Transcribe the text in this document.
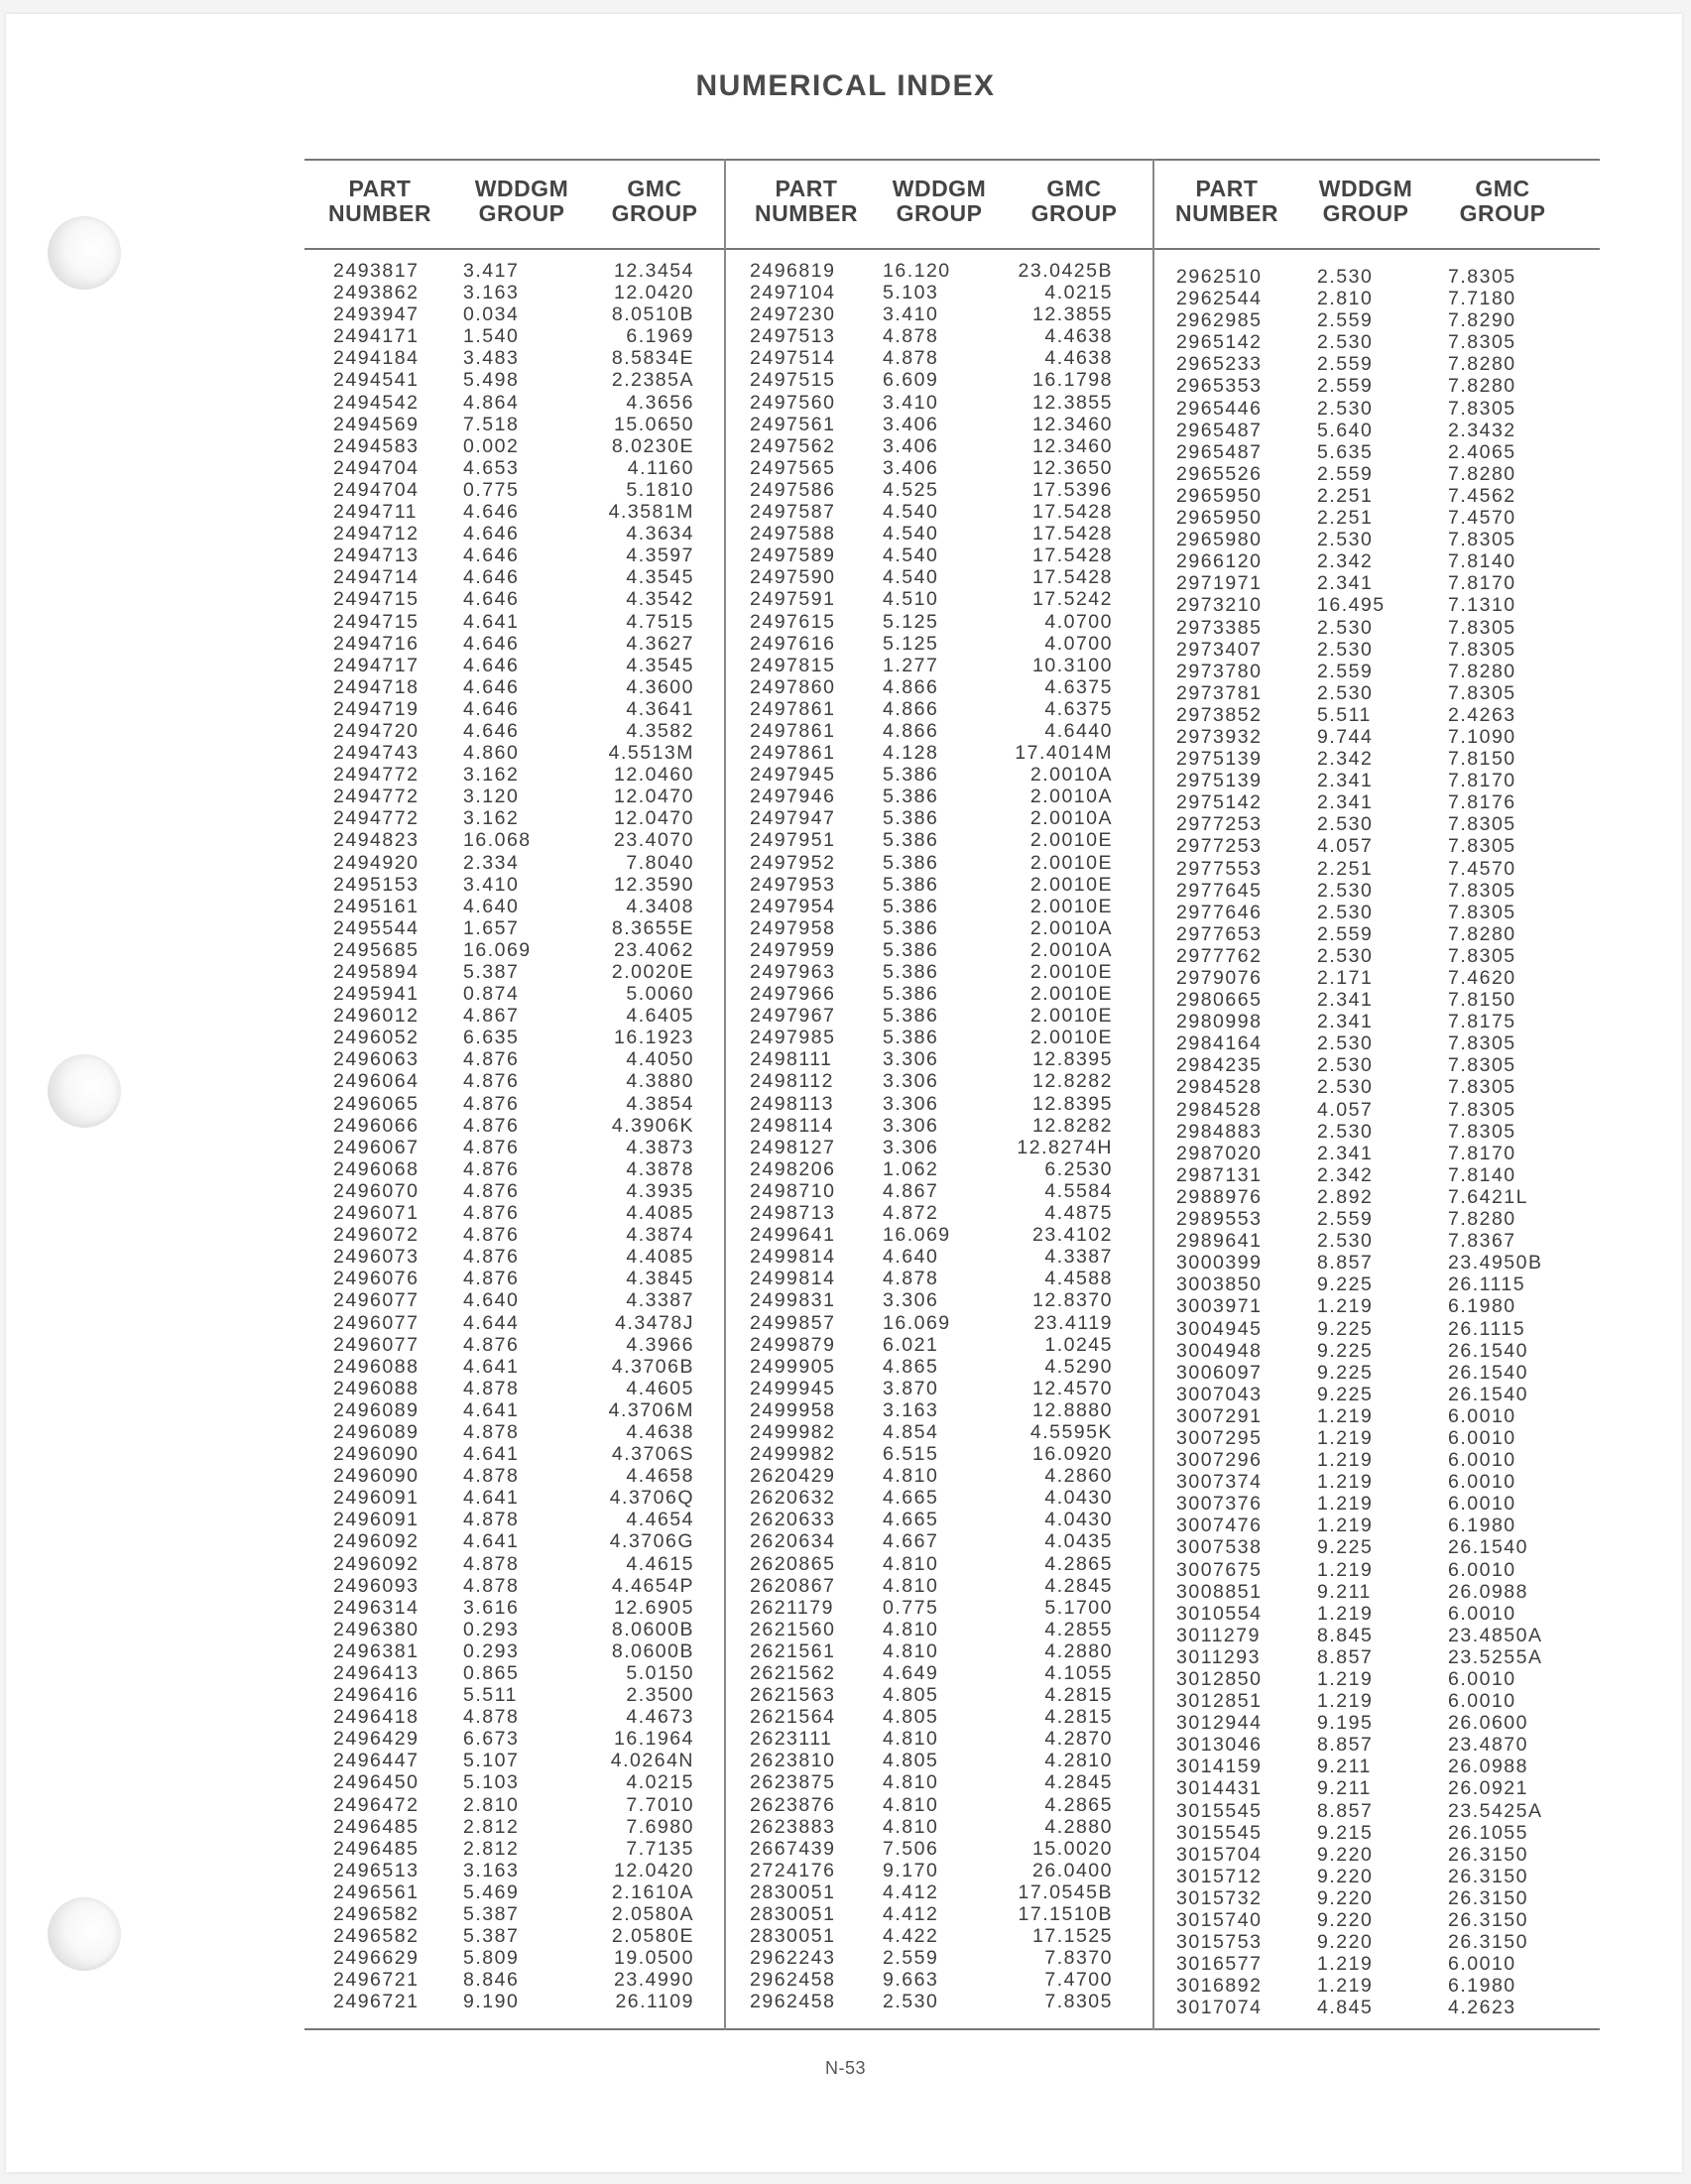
NUMERICAL INDEX
PART
NUMBER
WDDGM
GROUP
GMC
GROUP
PART
NUMBER
WDDGM
GROUP
GMC
GROUP
PART
NUMBER
WDDGM
GROUP
GMC
GROUP
2493817
2493862
2493947
2494171
2494184
2494541
2494542
2494569
2494583
2494704
2494704
2494711
2494712
2494713
2494714
2494715
2494715
2494716
2494717
2494718
2494719
2494720
2494743
2494772
2494772
2494772
2494823
2494920
2495153
2495161
2495544
2495685
2495894
2495941
2496012
2496052
2496063
2496064
2496065
2496066
2496067
2496068
2496070
2496071
2496072
2496073
2496076
2496077
2496077
2496077
2496088
2496088
2496089
2496089
2496090
2496090
2496091
2496091
2496092
2496092
2496093
2496314
2496380
2496381
2496413
2496416
2496418
2496429
2496447
2496450
2496472
2496485
2496485
2496513
2496561
2496582
2496582
2496629
2496721
2496721
3.417
3.163
0.034
1.540
3.483
5.498
4.864
7.518
0.002
4.653
0.775
4.646
4.646
4.646
4.646
4.646
4.641
4.646
4.646
4.646
4.646
4.646
4.860
3.162
3.120
3.162
16.068
2.334
3.410
4.640
1.657
16.069
5.387
0.874
4.867
6.635
4.876
4.876
4.876
4.876
4.876
4.876
4.876
4.876
4.876
4.876
4.876
4.640
4.644
4.876
4.641
4.878
4.641
4.878
4.641
4.878
4.641
4.878
4.641
4.878
4.878
3.616
0.293
0.293
0.865
5.511
4.878
6.673
5.107
5.103
2.810
2.812
2.812
3.163
5.469
5.387
5.387
5.809
8.846
9.190
12.3454
12.0420
8.0510B
6.1969
8.5834E
2.2385A
4.3656
15.0650
8.0230E
4.1160
5.1810
4.3581M
4.3634
4.3597
4.3545
4.3542
4.7515
4.3627
4.3545
4.3600
4.3641
4.3582
4.5513M
12.0460
12.0470
12.0470
23.4070
7.8040
12.3590
4.3408
8.3655E
23.4062
2.0020E
5.0060
4.6405
16.1923
4.4050
4.3880
4.3854
4.3906K
4.3873
4.3878
4.3935
4.4085
4.3874
4.4085
4.3845
4.3387
4.3478J
4.3966
4.3706B
4.4605
4.3706M
4.4638
4.3706S
4.4658
4.3706Q
4.4654
4.3706G
4.4615
4.4654P
12.6905
8.0600B
8.0600B
5.0150
2.3500
4.4673
16.1964
4.0264N
4.0215
7.7010
7.6980
7.7135
12.0420
2.1610A
2.0580A
2.0580E
19.0500
23.4990
26.1109
2496819
2497104
2497230
2497513
2497514
2497515
2497560
2497561
2497562
2497565
2497586
2497587
2497588
2497589
2497590
2497591
2497615
2497616
2497815
2497860
2497861
2497861
2497861
2497945
2497946
2497947
2497951
2497952
2497953
2497954
2497958
2497959
2497963
2497966
2497967
2497985
2498111
2498112
2498113
2498114
2498127
2498206
2498710
2498713
2499641
2499814
2499814
2499831
2499857
2499879
2499905
2499945
2499958
2499982
2499982
2620429
2620632
2620633
2620634
2620865
2620867
2621179
2621560
2621561
2621562
2621563
2621564
2623111
2623810
2623875
2623876
2623883
2667439
2724176
2830051
2830051
2830051
2962243
2962458
2962458
16.120
5.103
3.410
4.878
4.878
6.609
3.410
3.406
3.406
3.406
4.525
4.540
4.540
4.540
4.540
4.510
5.125
5.125
1.277
4.866
4.866
4.866
4.128
5.386
5.386
5.386
5.386
5.386
5.386
5.386
5.386
5.386
5.386
5.386
5.386
5.386
3.306
3.306
3.306
3.306
3.306
1.062
4.867
4.872
16.069
4.640
4.878
3.306
16.069
6.021
4.865
3.870
3.163
4.854
6.515
4.810
4.665
4.665
4.667
4.810
4.810
0.775
4.810
4.810
4.649
4.805
4.805
4.810
4.805
4.810
4.810
4.810
7.506
9.170
4.412
4.412
4.422
2.559
9.663
2.530
23.0425B
4.0215
12.3855
4.4638
4.4638
16.1798
12.3855
12.3460
12.3460
12.3650
17.5396
17.5428
17.5428
17.5428
17.5428
17.5242
4.0700
4.0700
10.3100
4.6375
4.6375
4.6440
17.4014M
2.0010A
2.0010A
2.0010A
2.0010E
2.0010E
2.0010E
2.0010E
2.0010A
2.0010A
2.0010E
2.0010E
2.0010E
2.0010E
12.8395
12.8282
12.8395
12.8282
12.8274H
6.2530
4.5584
4.4875
23.4102
4.3387
4.4588
12.8370
23.4119
1.0245
4.5290
12.4570
12.8880
4.5595K
16.0920
4.2860
4.0430
4.0430
4.0435
4.2865
4.2845
5.1700
4.2855
4.2880
4.1055
4.2815
4.2815
4.2870
4.2810
4.2845
4.2865
4.2880
15.0020
26.0400
17.0545B
17.1510B
17.1525
7.8370
7.4700
7.8305
2962510
2962544
2962985
2965142
2965233
2965353
2965446
2965487
2965487
2965526
2965950
2965950
2965980
2966120
2971971
2973210
2973385
2973407
2973780
2973781
2973852
2973932
2975139
2975139
2975142
2977253
2977253
2977553
2977645
2977646
2977653
2977762
2979076
2980665
2980998
2984164
2984235
2984528
2984528
2984883
2987020
2987131
2988976
2989553
2989641
3000399
3003850
3003971
3004945
3004948
3006097
3007043
3007291
3007295
3007296
3007374
3007376
3007476
3007538
3007675
3008851
3010554
3011279
3011293
3012850
3012851
3012944
3013046
3014159
3014431
3015545
3015545
3015704
3015712
3015732
3015740
3015753
3016577
3016892
3017074
2.530
2.810
2.559
2.530
2.559
2.559
2.530
5.640
5.635
2.559
2.251
2.251
2.530
2.342
2.341
16.495
2.530
2.530
2.559
2.530
5.511
9.744
2.342
2.341
2.341
2.530
4.057
2.251
2.530
2.530
2.559
2.530
2.171
2.341
2.341
2.530
2.530
2.530
4.057
2.530
2.341
2.342
2.892
2.559
2.530
8.857
9.225
1.219
9.225
9.225
9.225
9.225
1.219
1.219
1.219
1.219
1.219
1.219
9.225
1.219
9.211
1.219
8.845
8.857
1.219
1.219
9.195
8.857
9.211
9.211
8.857
9.215
9.220
9.220
9.220
9.220
9.220
1.219
1.219
4.845
7.8305
7.7180
7.8290
7.8305
7.8280
7.8280
7.8305
2.3432
2.4065
7.8280
7.4562
7.4570
7.8305
7.8140
7.8170
7.1310
7.8305
7.8305
7.8280
7.8305
2.4263
7.1090
7.8150
7.8170
7.8176
7.8305
7.8305
7.4570
7.8305
7.8305
7.8280
7.8305
7.4620
7.8150
7.8175
7.8305
7.8305
7.8305
7.8305
7.8305
7.8170
7.8140
7.6421L
7.8280
7.8367
23.4950B
26.1115
6.1980
26.1115
26.1540
26.1540
26.1540
6.0010
6.0010
6.0010
6.0010
6.0010
6.1980
26.1540
6.0010
26.0988
6.0010
23.4850A
23.5255A
6.0010
6.0010
26.0600
23.4870
26.0988
26.0921
23.5425A
26.1055
26.3150
26.3150
26.3150
26.3150
26.3150
6.0010
6.1980
4.2623
N-53
